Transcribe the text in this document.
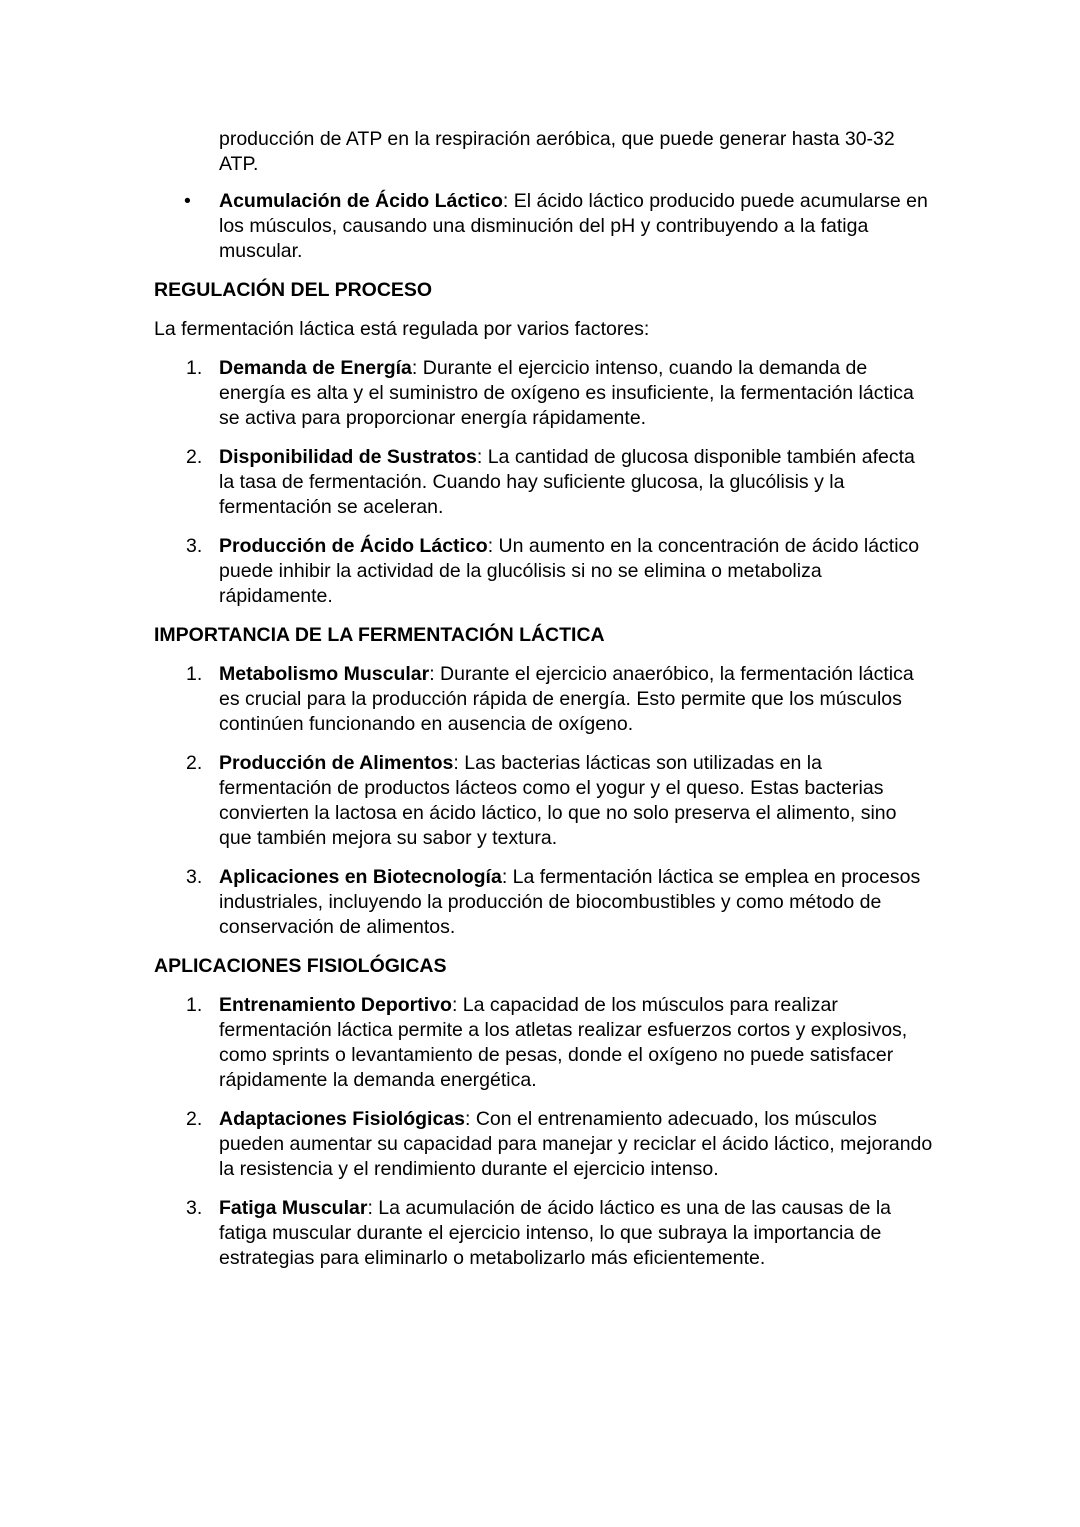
producción de ATP en la respiración aeróbica, que puede generar hasta 30-32 ATP.

• Acumulación de Ácido Láctico: El ácido láctico producido puede acumularse en los músculos, causando una disminución del pH y contribuyendo a la fatiga muscular.
REGULACIÓN DEL PROCESO

La fermentación láctica está regulada por varios factores:

1. Demanda de Energía: Durante el ejercicio intenso, cuando la demanda de energía es alta y el suministro de oxígeno es insuficiente, la fermentación láctica se activa para proporcionar energía rápidamente.
2. Disponibilidad de Sustratos: La cantidad de glucosa disponible también afecta la tasa de fermentación. Cuando hay suficiente glucosa, la glucólisis y la fermentación se aceleran.
3. Producción de Ácido Láctico: Un aumento en la concentración de ácido láctico puede inhibir la actividad de la glucólisis si no se elimina o metaboliza rápidamente.
IMPORTANCIA DE LA FERMENTACIÓN LÁCTICA
1. Metabolismo Muscular: Durante el ejercicio anaeróbico, la fermentación láctica es crucial para la producción rápida de energía. Esto permite que los músculos continúen funcionando en ausencia de oxígeno.
2. Producción de Alimentos: Las bacterias lácticas son utilizadas en la fermentación de productos lácteos como el yogur y el queso. Estas bacterias convierten la lactosa en ácido láctico, lo que no solo preserva el alimento, sino que también mejora su sabor y textura.
3. Aplicaciones en Biotecnología: La fermentación láctica se emplea en procesos industriales, incluyendo la producción de biocombustibles y como método de conservación de alimentos.
APLICACIONES FISIOLÓGICAS
1. Entrenamiento Deportivo: La capacidad de los músculos para realizar fermentación láctica permite a los atletas realizar esfuerzos cortos y explosivos, como sprints o levantamiento de pesas, donde el oxígeno no puede satisfacer rápidamente la demanda energética.
2. Adaptaciones Fisiológicas: Con el entrenamiento adecuado, los músculos pueden aumentar su capacidad para manejar y reciclar el ácido láctico, mejorando la resistencia y el rendimiento durante el ejercicio intenso.
3. Fatiga Muscular: La acumulación de ácido láctico es una de las causas de la fatiga muscular durante el ejercicio intenso, lo que subraya la importancia de estrategias para eliminarlo o metabolizarlo más eficientemente.
